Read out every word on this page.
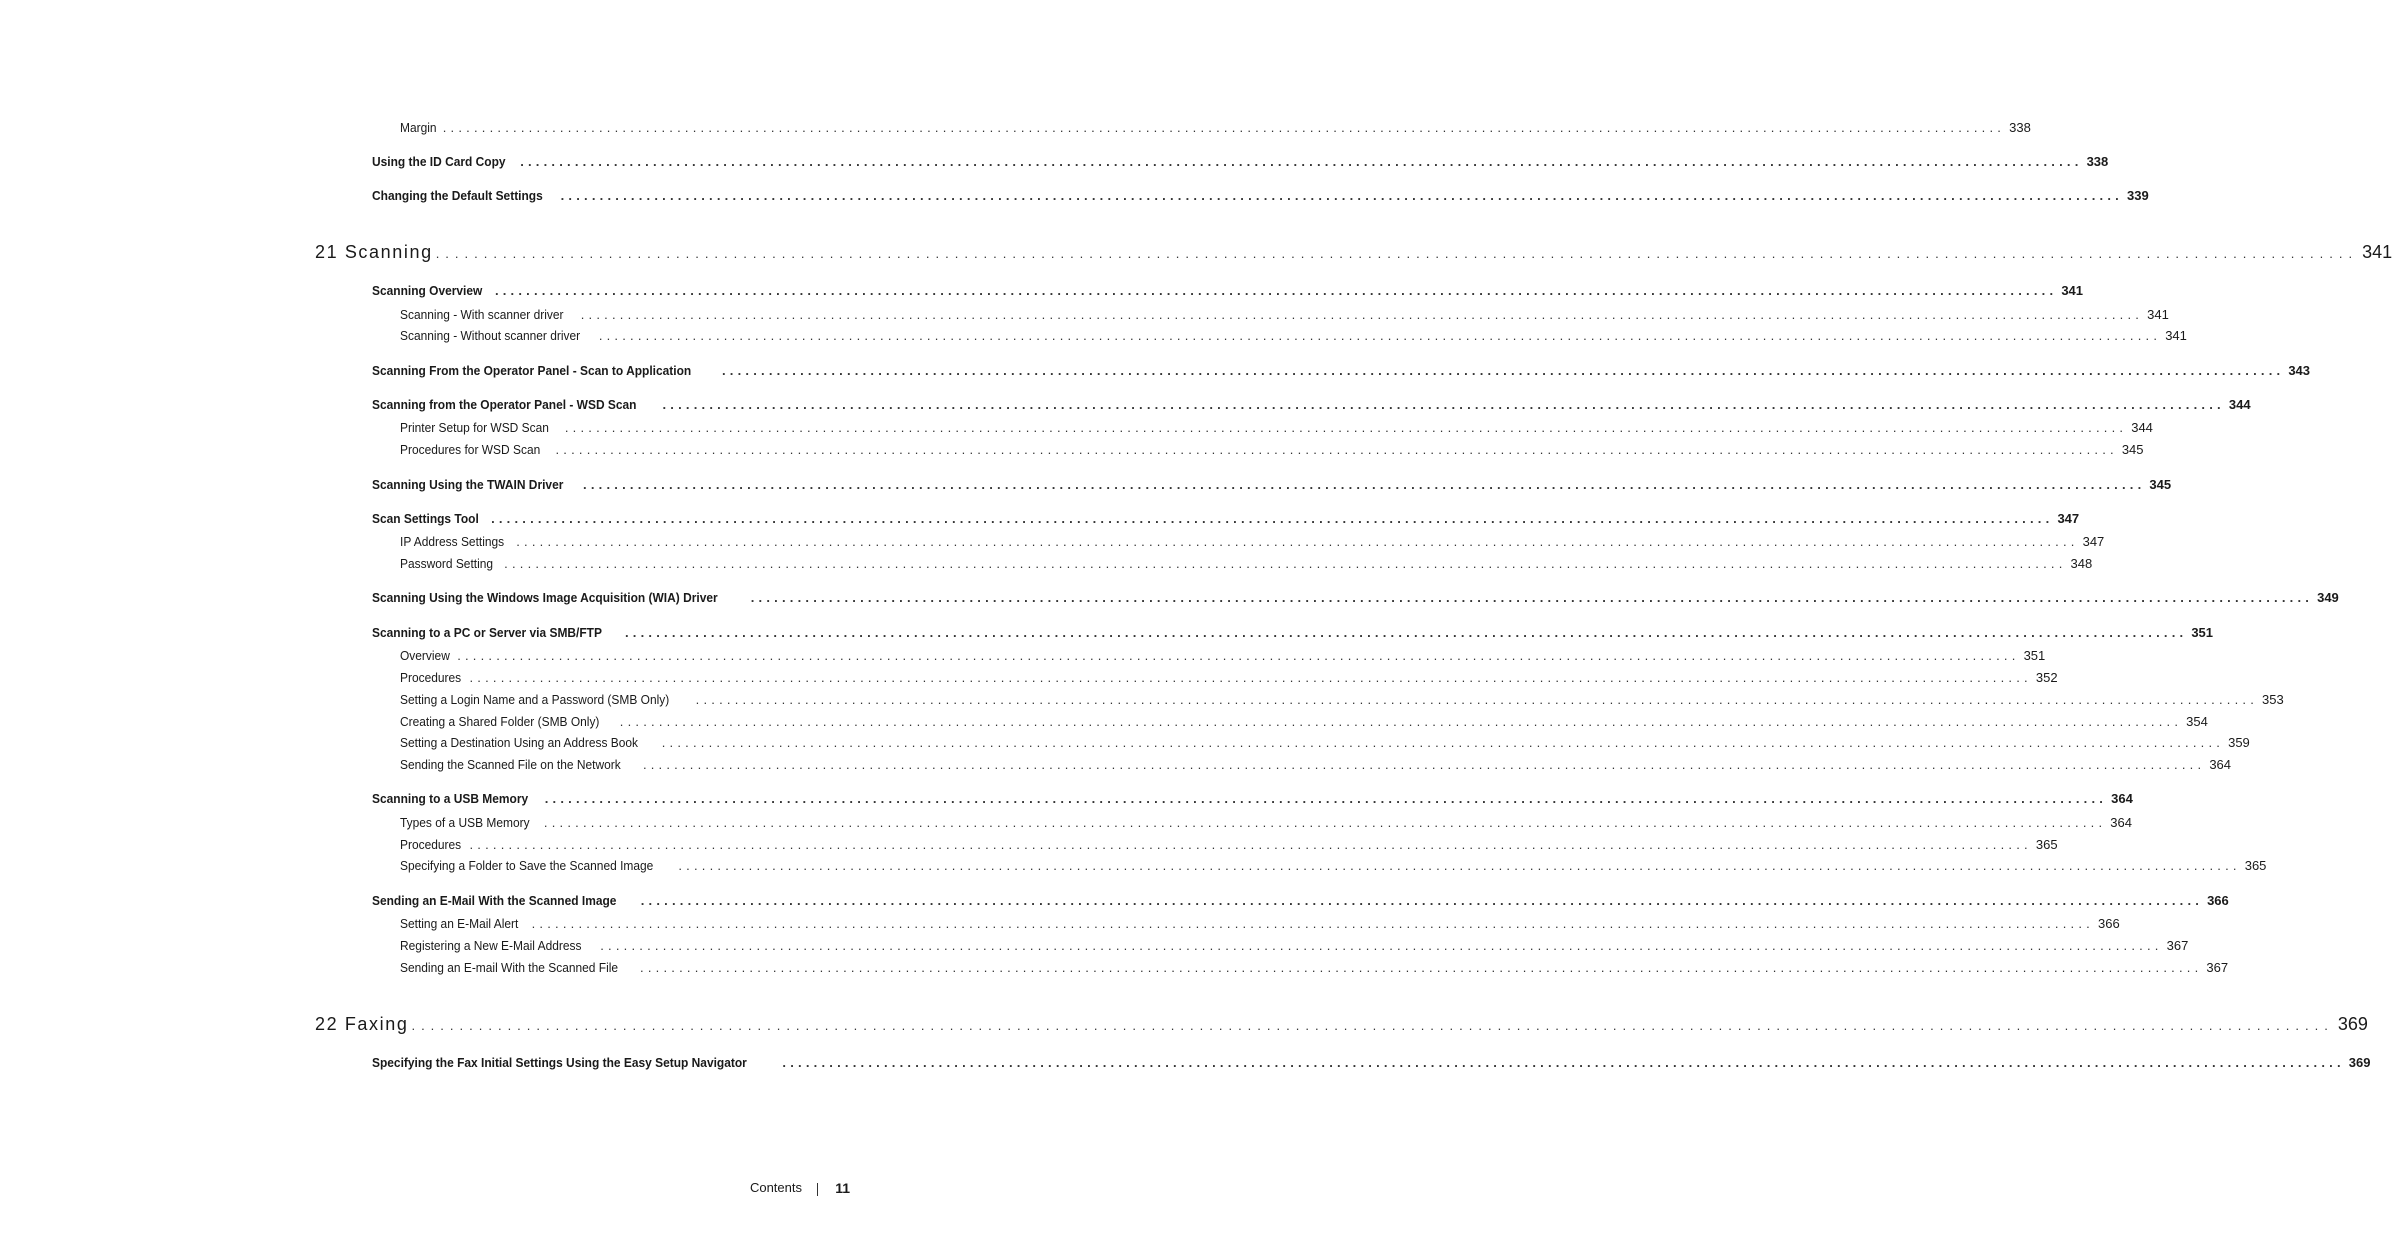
Margin ........................................................................................................................................................................................................ 338
Using the ID Card Copy ........................................................................................................................................................................................................ 338
Changing the Default Settings ........................................................................................................................................................................................................ 339
21 Scanning ........................................................................................................................................................................................................ 341
Scanning Overview ........................................................................................................................................................................................................ 341
Scanning - With scanner driver ........................................................................................................................................................................................................ 341
Scanning - Without scanner driver ........................................................................................................................................................................................................ 341
Scanning From the Operator Panel - Scan to Application ........................................................................................................................................................................................................ 343
Scanning from the Operator Panel - WSD Scan ........................................................................................................................................................................................................ 344
Printer Setup for WSD Scan ........................................................................................................................................................................................................ 344
Procedures for WSD Scan ........................................................................................................................................................................................................ 345
Scanning Using the TWAIN Driver ........................................................................................................................................................................................................ 345
Scan Settings Tool ........................................................................................................................................................................................................ 347
IP Address Settings ........................................................................................................................................................................................................ 347
Password Setting ........................................................................................................................................................................................................ 348
Scanning Using the Windows Image Acquisition (WIA) Driver	........................................................................................................................................................................................................ 349
Scanning to a PC or Server via SMB/FTP ........................................................................................................................................................................................................ 351
Overview ........................................................................................................................................................................................................ 351
Procedures ........................................................................................................................................................................................................ 352
Setting a Login Name and a Password (SMB Only) ........................................................................................................................................................................................................ 353
Creating a Shared Folder (SMB Only) ........................................................................................................................................................................................................ 354
Setting a Destination Using an Address Book ........................................................................................................................................................................................................ 359
Sending the Scanned File on the Network ........................................................................................................................................................................................................ 364
Scanning to a USB Memory ........................................................................................................................................................................................................ 364
Types of a USB Memory ........................................................................................................................................................................................................ 364
Procedures ........................................................................................................................................................................................................ 365
Specifying a Folder to Save the Scanned Image ........................................................................................................................................................................................................ 365
Sending an E-Mail With the Scanned Image ........................................................................................................................................................................................................ 366
Setting an E-Mail Alert ........................................................................................................................................................................................................ 366
Registering a New E-Mail Address ........................................................................................................................................................................................................ 367
Sending an E-mail With the Scanned File ........................................................................................................................................................................................................ 367
22 Faxing ........................................................................................................................................................................................................ 369
Specifying the Fax Initial Settings Using the Easy Setup Navigator	........................................................................................................................................................................................................ 369
Contents 11
